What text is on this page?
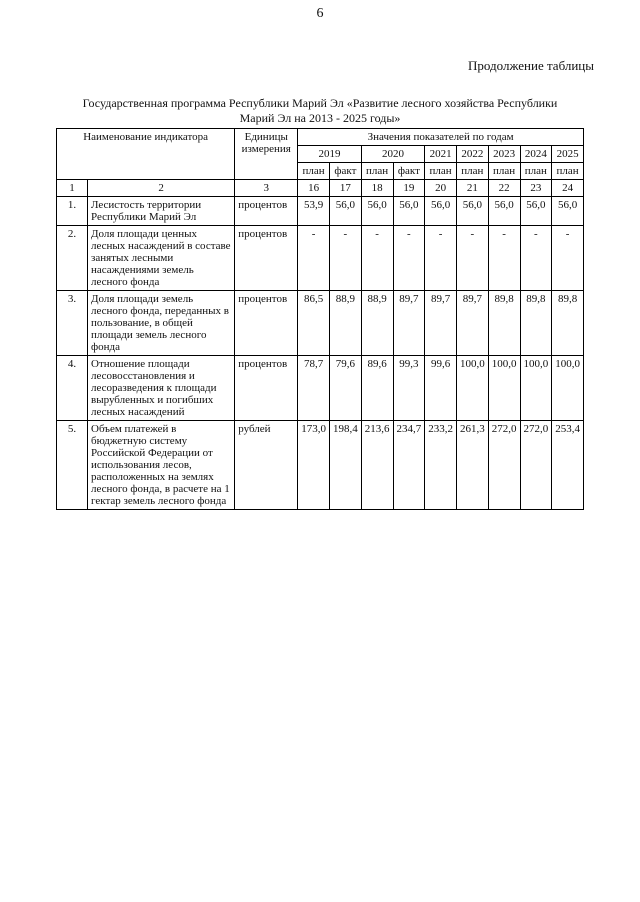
6
Продолжение таблицы
Государственная программа Республики Марий Эл «Развитие лесного хозяйства Республики Марий Эл на 2013 - 2025 годы»
Наименование индикатора		Единицы измерения	Значения показателей по годам								
			2019		2020		2021	2022	2023	2024	2025
			план	факт	план	факт	план	план	план	план	план
1	2	3	16	17	18	19	20	21	22	23	24
1.	Лесистость территории Республики Марий Эл	процентов	53,9	56,0	56,0	56,0	56,0	56,0	56,0	56,0	56,0
2.	Доля площади ценных лесных насаждений в составе занятых лесными насаждениями земель лесного фонда	процентов	-	-	-	-	-	-	-	-	-
3.	Доля площади земель лесного фонда, переданных в пользование, в общей площади земель лесного фонда	процентов	86,5	88,9	88,9	89,7	89,7	89,7	89,8	89,8	89,8
4.	Отношение площади лесовосстановления и лесоразведения к площади вырубленных и погибших лесных насаждений	процентов	78,7	79,6	89,6	99,3	99,6	100,0	100,0	100,0	100,0
5.	Объем платежей в бюджетную систему Российской Федерации от использования лесов, расположенных на землях лесного фонда, в расчете на 1 гектар земель лесного фонда	рублей	173,0	198,4	213,6	234,7	233,2	261,3	272,0	272,0	253,4
